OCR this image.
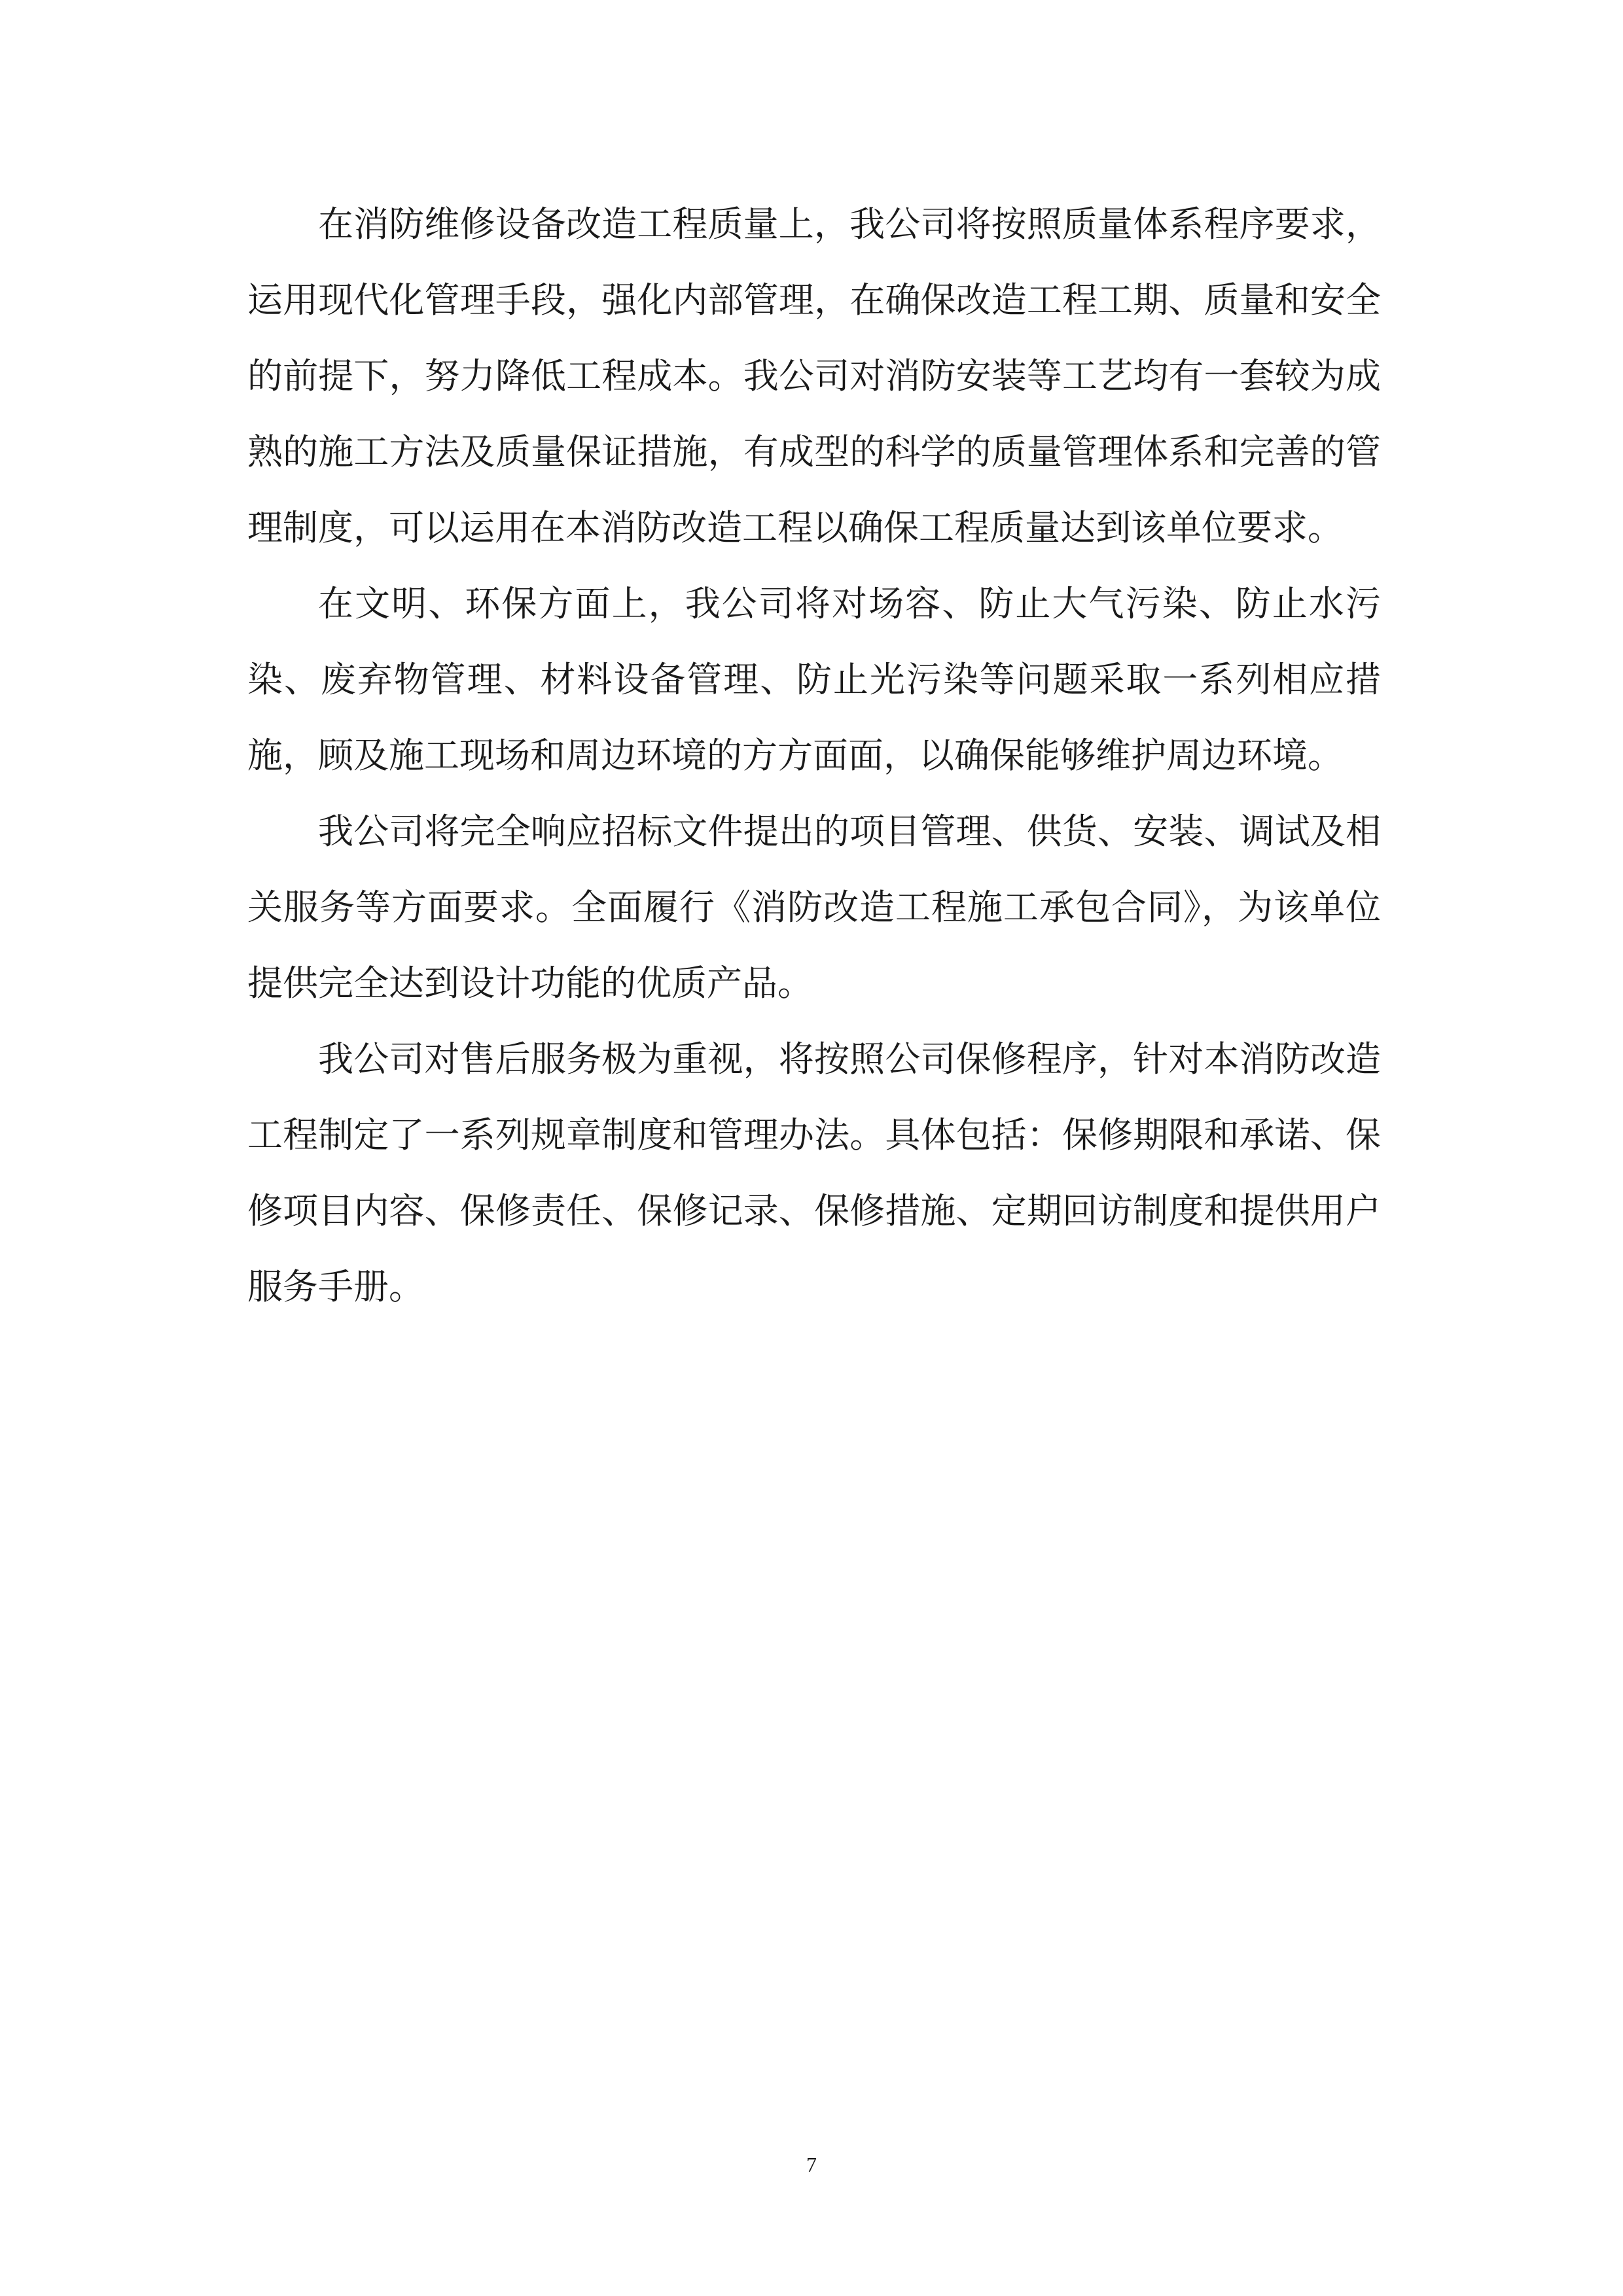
在消防维修设备改造工程质量上，我公司将按照质量体系程序要求，运用现代化管理手段，强化内部管理，在确保改造工程工期、质量和安全的前提下，努力降低工程成本。我公司对消防安装等工艺均有一套较为成熟的施工方法及质量保证措施，有成型的科学的质量管理体系和完善的管理制度，可以运用在本消防改造工程以确保工程质量达到该单位要求。

在文明、环保方面上，我公司将对场容、防止大气污染、防止水污染、废弃物管理、材料设备管理、防止光污染等问题采取一系列相应措施，顾及施工现场和周边环境的方方面面，以确保能够维护周边环境。

我公司将完全响应招标文件提出的项目管理、供货、安装、调试及相关服务等方面要求。全面履行《消防改造工程施工承包合同》，为该单位提供完全达到设计功能的优质产品。

我公司对售后服务极为重视，将按照公司保修程序，针对本消防改造工程制定了一系列规章制度和管理办法。具体包括：保修期限和承诺、保修项目内容、保修责任、保修记录、保修措施、定期回访制度和提供用户服务手册。

7
